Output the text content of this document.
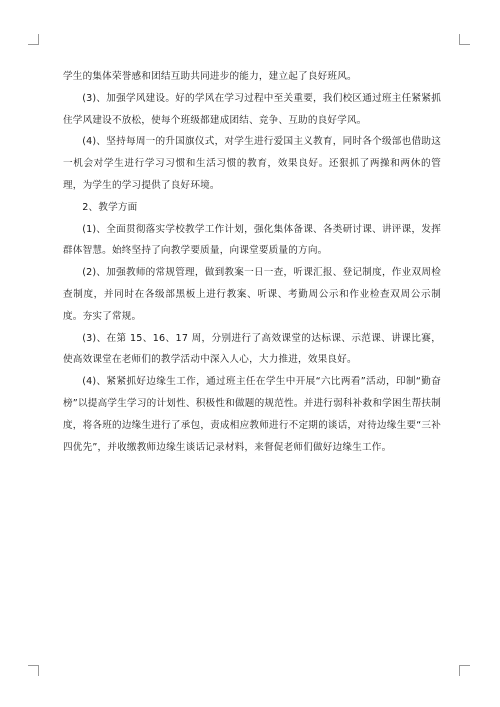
学生的集体荣誉感和团结互助共同进步的能力，建立起了良好班风。

(3)、加强学风建设。好的学风在学习过程中至关重要，我们校区通过班主任紧紧抓住学风建设不放松，使每个班级都建成团结、竞争、互助的良好学风。

(4)、坚持每周一的升国旗仪式，对学生进行爱国主义教育，同时各个级部也借助这一机会对学生进行学习习惯和生活习惯的教育，效果良好。还狠抓了两操和两休的管理，为学生的学习提供了良好环境。

2、教学方面

(1)、全面贯彻落实学校教学工作计划，强化集体备课、各类研讨课、讲评课，发挥群体智慧。始终坚持了向教学要质量，向课堂要质量的方向。

(2)、加强教师的常规管理，做到教案一日一查，听课汇报、登记制度，作业双周检查制度，并同时在各级部黑板上进行教案、听课、考勤周公示和作业检查双周公示制度。夯实了常规。

(3)、在第 15、16、17 周，分别进行了高效课堂的达标课、示范课、讲课比赛，使高效课堂在老师们的教学活动中深入人心，大力推进，效果良好。

(4)、紧紧抓好边缘生工作，通过班主任在学生中开展“六比两看”活动，印制“勤奋榜”以提高学生学习的计划性、积极性和做题的规范性。并进行弱科补救和学困生帮扶制度，将各班的边缘生进行了承包，责成相应教师进行不定期的谈话，对待边缘生要“三补四优先”，并收缴教师边缘生谈话记录材料，来督促老师们做好边缘生工作。
